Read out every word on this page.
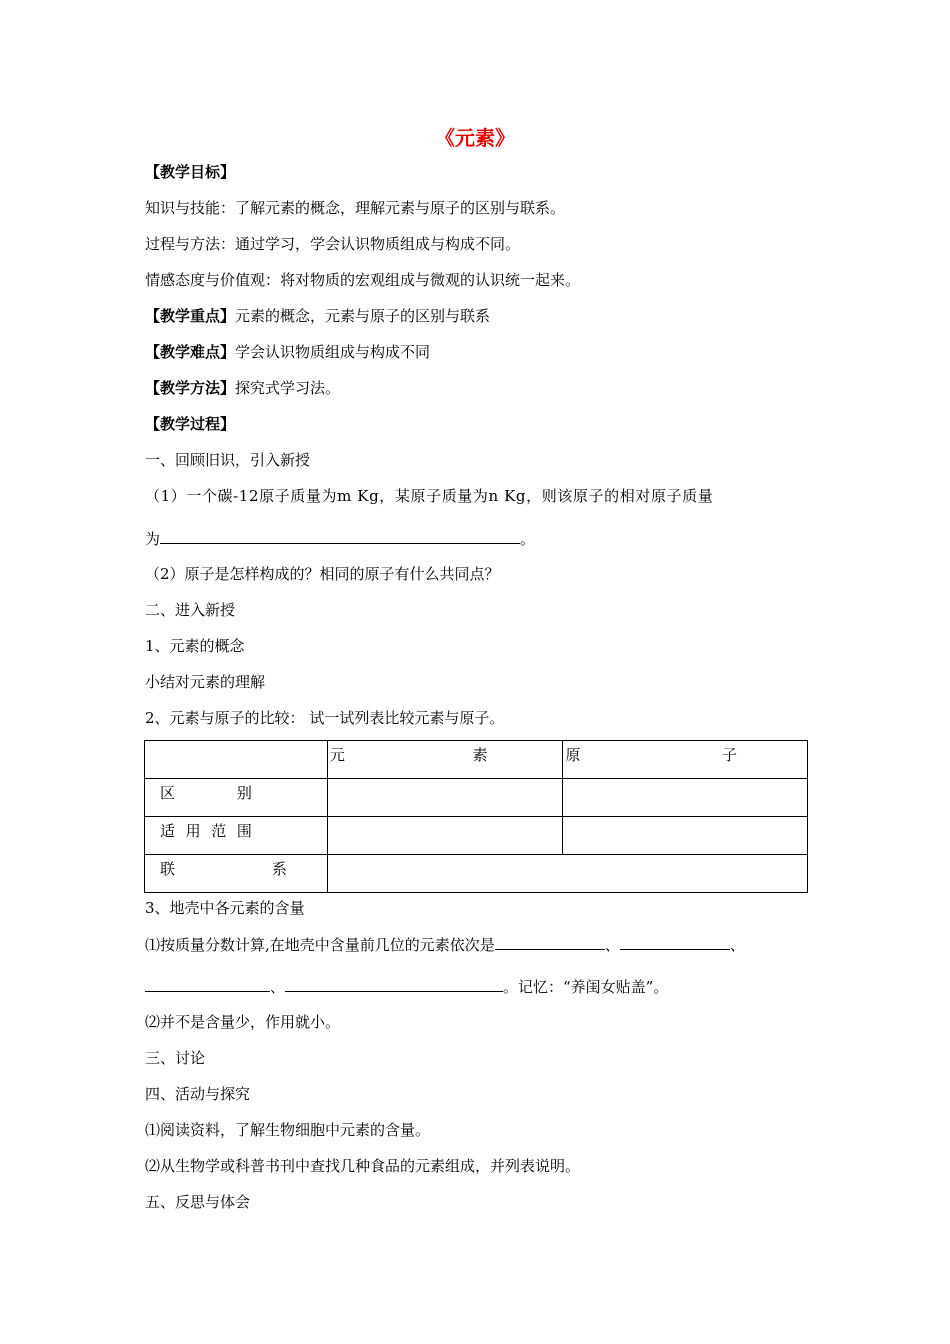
《元素》
【教学目标】
知识与技能：了解元素的概念，理解元素与原子的区别与联系。
过程与方法：通过学习，学会认识物质组成与构成不同。
情感态度与价值观：将对物质的宏观组成与微观的认识统一起来。
【教学重点】元素的概念，元素与原子的区别与联系
【教学难点】学会认识物质组成与构成不同
【教学方法】探究式学习法。
【教学过程】
一、回顾旧识，引入新授
（1）一个碳-12原子质量为m Kg，某原子质量为n Kg，则该原子的相对原子质量
为	。
（2）原子是怎样构成的？相同的原子有什么共同点？
二、进入新授
1、元素的概念
小结对元素的理解
2、元素与原子的比较： 试一试列表比较元素与原子。

	元 素	原 子

区 别		

适 用 范 围		

联 系		

3、地壳中各元素的含量
⑴按质量分数计算,在地壳中含量前几位的元素依次是	、	、
、	。记忆：“养闺女贴盖”。
⑵并不是含量少，作用就小。
三、讨论
四、活动与探究
⑴阅读资料，了解生物细胞中元素的含量。
⑵从生物学或科普书刊中查找几种食品的元素组成，并列表说明。
五、反思与体会
